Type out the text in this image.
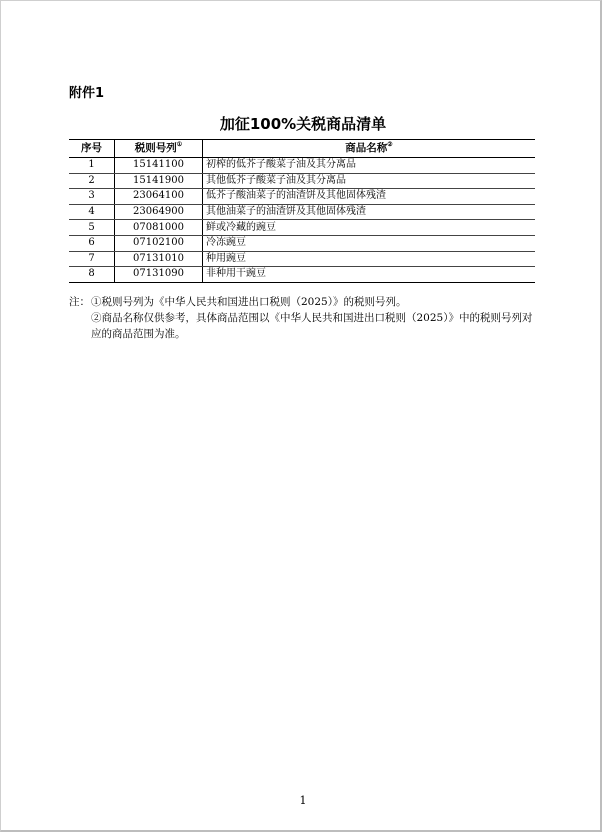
附件1
加征100%关税商品清单
序号	税则号列①	商品名称②
1	15141100	初榨的低芥子酸菜子油及其分离品
2	15141900	其他低芥子酸菜子油及其分离品
3	23064100	低芥子酸油菜子的油渣饼及其他固体残渣
4	23064900	其他油菜子的油渣饼及其他固体残渣
5	07081000	鲜或冷藏的豌豆
6	07102100	冷冻豌豆
7	07131010	种用豌豆
8	07131090	非种用干豌豆
注： ①税则号列为《中华人民共和国进出口税则（2025）》的税则号列。
②商品名称仅供参考，具体商品范围以《中华人民共和国进出口税则（2025）》中的税则号列对应的商品范围为准。
1
